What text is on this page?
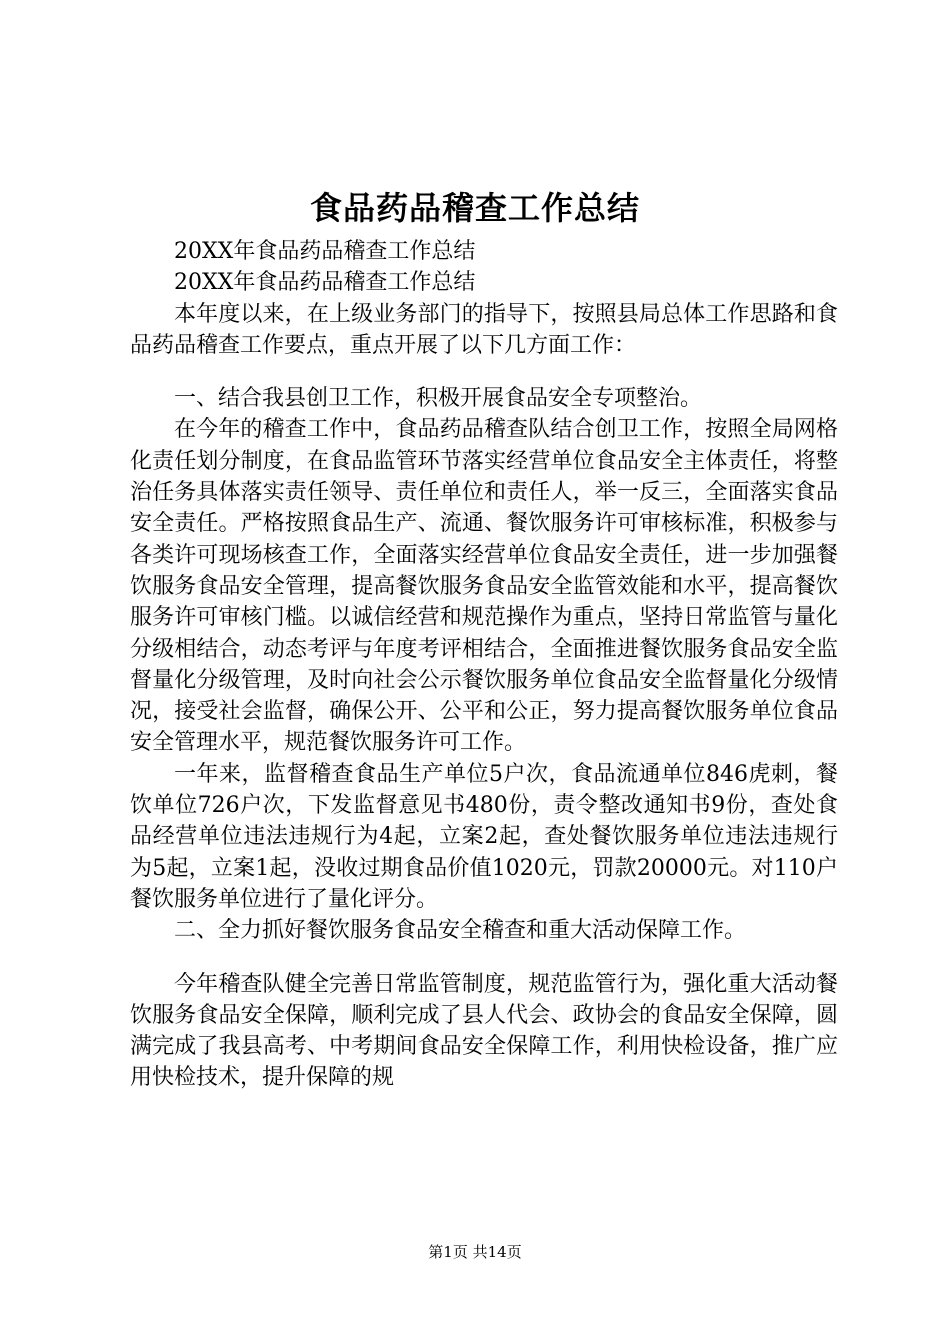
食品药品稽查工作总结

20XX年食品药品稽查工作总结

20XX年食品药品稽查工作总结

本年度以来，在上级业务部门的指导下，按照县局总体工作思路和食品药品稽查工作要点，重点开展了以下几方面工作：

一、结合我县创卫工作，积极开展食品安全专项整治。

在今年的稽查工作中，食品药品稽查队结合创卫工作，按照全局网格化责任划分制度，在食品监管环节落实经营单位食品安全主体责任，将整治任务具体落实责任领导、责任单位和责任人，举一反三，全面落实食品安全责任。严格按照食品生产、流通、餐饮服务许可审核标准，积极参与各类许可现场核查工作，全面落实经营单位食品安全责任，进一步加强餐饮服务食品安全管理，提高餐饮服务食品安全监管效能和水平，提高餐饮服务许可审核门槛。以诚信经营和规范操作为重点，坚持日常监管与量化分级相结合，动态考评与年度考评相结合，全面推进餐饮服务食品安全监督量化分级管理，及时向社会公示餐饮服务单位食品安全监督量化分级情况，接受社会监督，确保公开、公平和公正，努力提高餐饮服务单位食品安全管理水平，规范餐饮服务许可工作。

一年来，监督稽查食品生产单位5户次，食品流通单位846虎刺，餐饮单位726户次，下发监督意见书480份，责令整改通知书9份，查处食品经营单位违法违规行为4起，立案2起，查处餐饮服务单位违法违规行为5起，立案1起，没收过期食品价值1020元，罚款20000元。对110户餐饮服务单位进行了量化评分。

二、全力抓好餐饮服务食品安全稽查和重大活动保障工作。

今年稽查队健全完善日常监管制度，规范监管行为，强化重大活动餐饮服务食品安全保障，顺利完成了县人代会、政协会的食品安全保障，圆满完成了我县高考、中考期间食品安全保障工作，利用快检设备，推广应用快检技术，提升保障的规

第1页 共14页
